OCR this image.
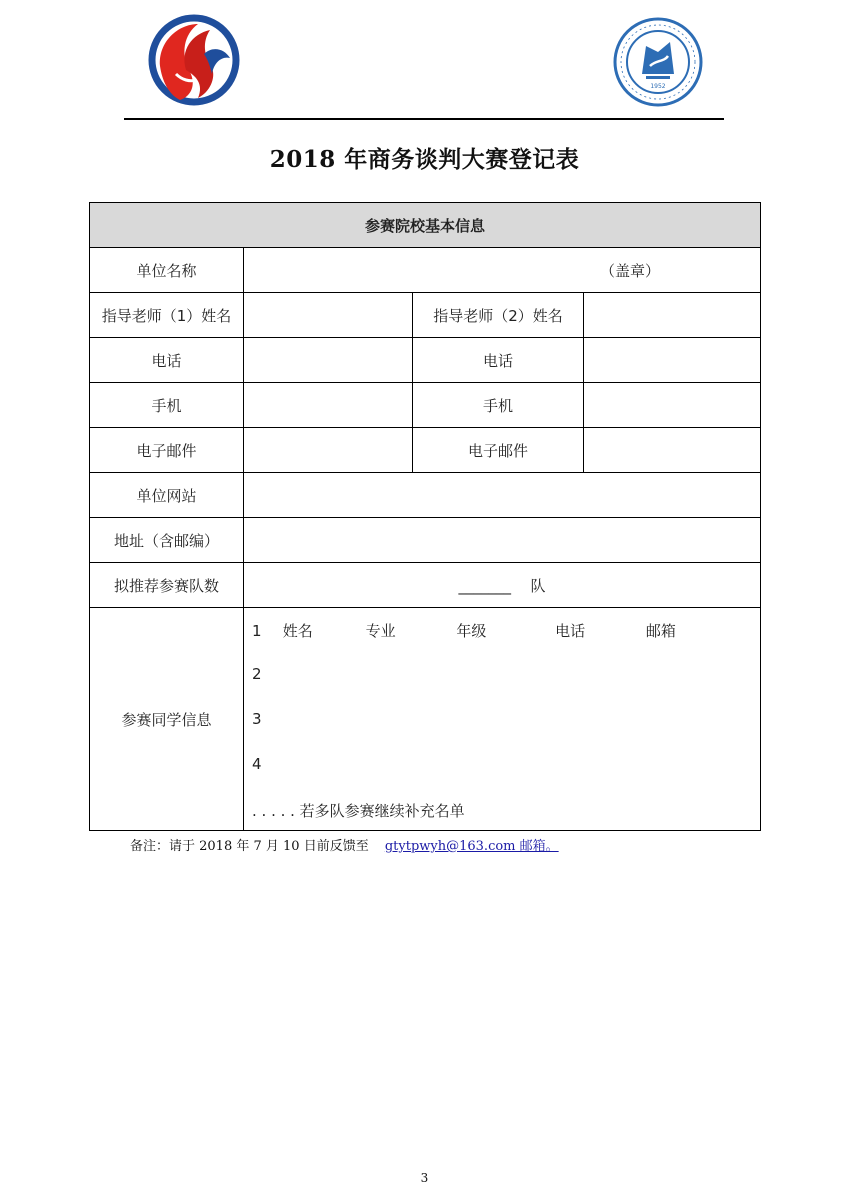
1952
2018 年商务谈判大赛登记表
参赛院校基本信息			
单位名称	（盖章）		
指导老师（1）姓名		指导老师（2）姓名	
电话		电话	
手机		手机	
电子邮件		电子邮件	
单位网站			
地址（含邮编）			
拟推荐参赛队数	_______ 队		
参赛同学信息	1 姓名 专业 年级 电话 邮箱
2
3
4
. . . . . 若多队参赛继续补充名单		
备注：请于 2018 年 7 月 10 日前反馈至 gtytpwyh@163.com 邮箱。
3
